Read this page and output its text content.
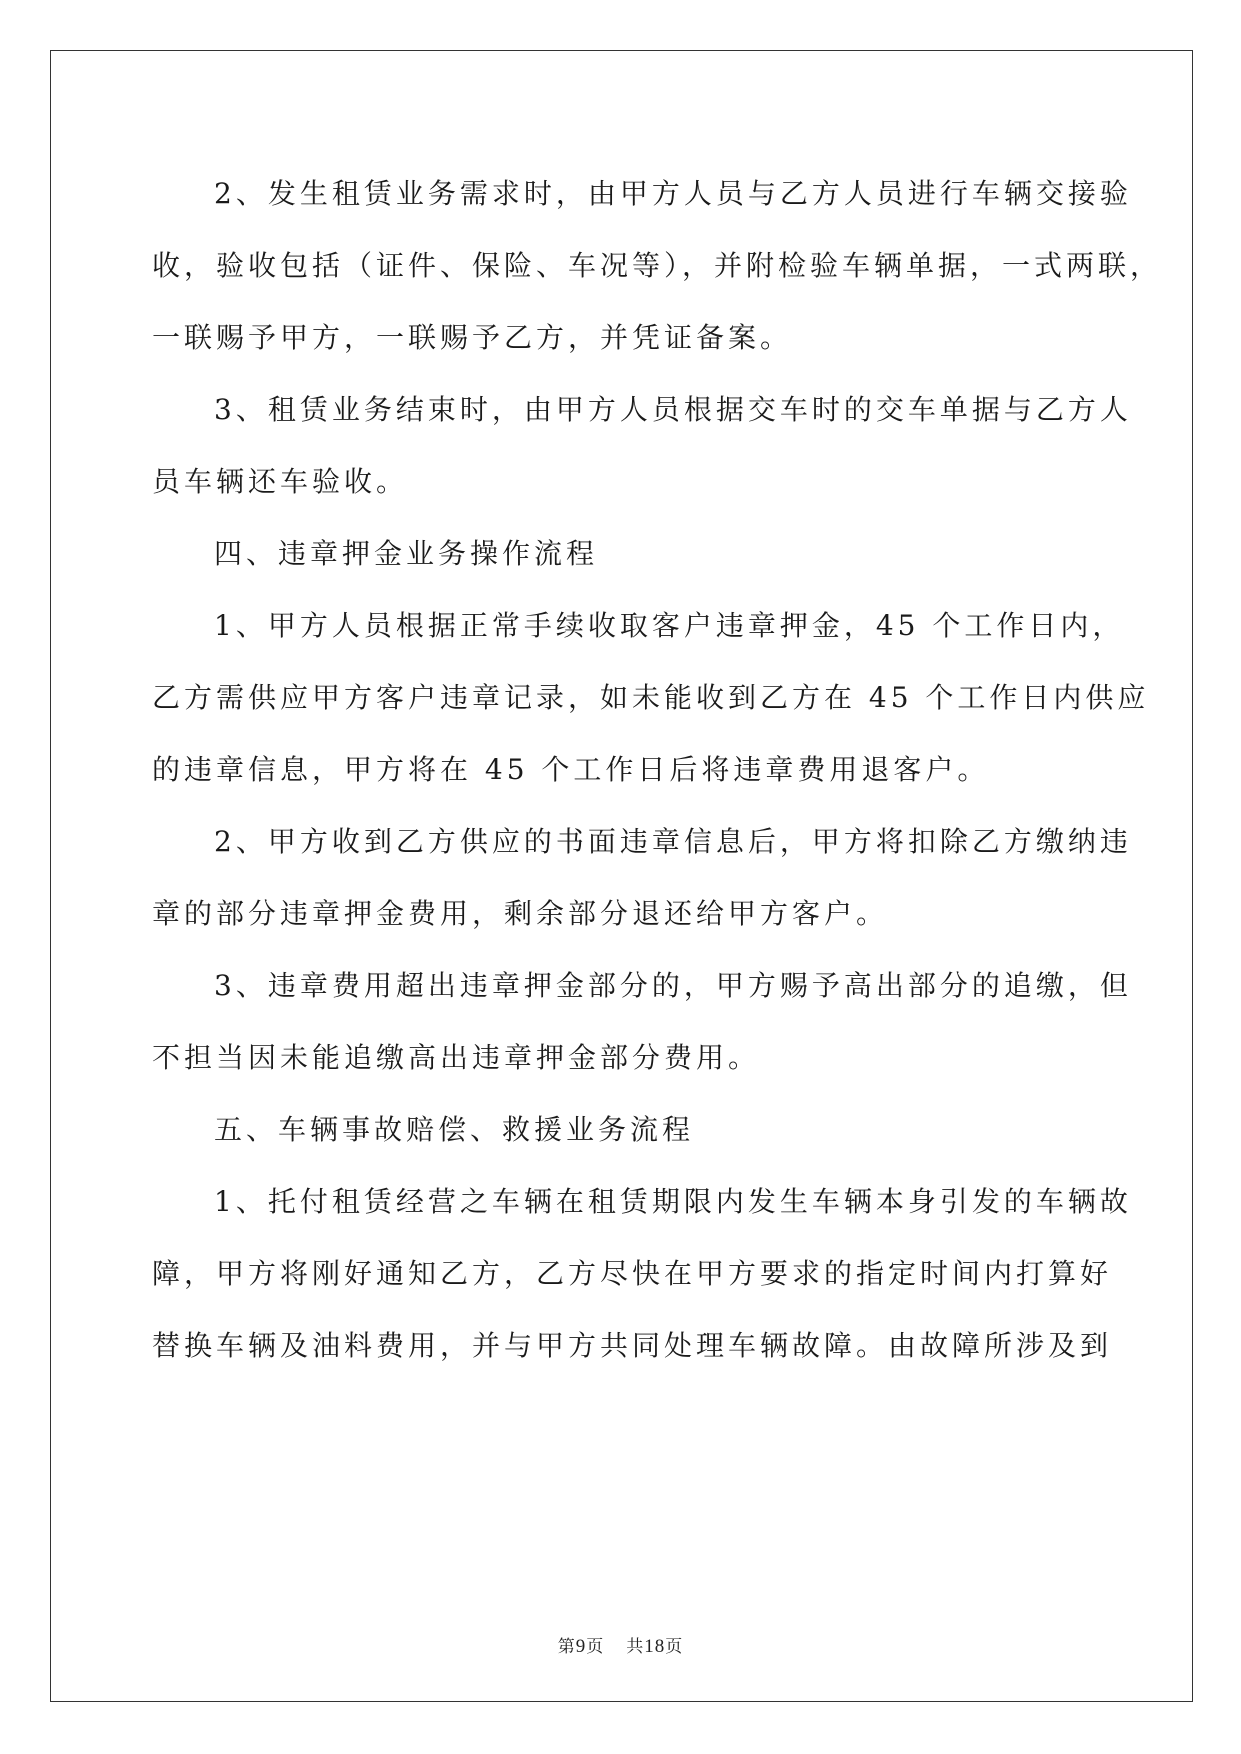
2、发生租赁业务需求时，由甲方人员与乙方人员进行车辆交接验
收，验收包括（证件、保险、车况等），并附检验车辆单据，一式两联，
一联赐予甲方，一联赐予乙方，并凭证备案。
3、租赁业务结束时，由甲方人员根据交车时的交车单据与乙方人
员车辆还车验收。
四、违章押金业务操作流程
1、甲方人员根据正常手续收取客户违章押金，45 个工作日内，
乙方需供应甲方客户违章记录，如未能收到乙方在 45 个工作日内供应
的违章信息，甲方将在 45 个工作日后将违章费用退客户。
2、甲方收到乙方供应的书面违章信息后，甲方将扣除乙方缴纳违
章的部分违章押金费用，剩余部分退还给甲方客户。
3、违章费用超出违章押金部分的，甲方赐予高出部分的追缴，但
不担当因未能追缴高出违章押金部分费用。
五、车辆事故赔偿、救援业务流程
1、托付租赁经营之车辆在租赁期限内发生车辆本身引发的车辆故
障，甲方将刚好通知乙方，乙方尽快在甲方要求的指定时间内打算好
替换车辆及油料费用，并与甲方共同处理车辆故障。由故障所涉及到
第9页 共18页
